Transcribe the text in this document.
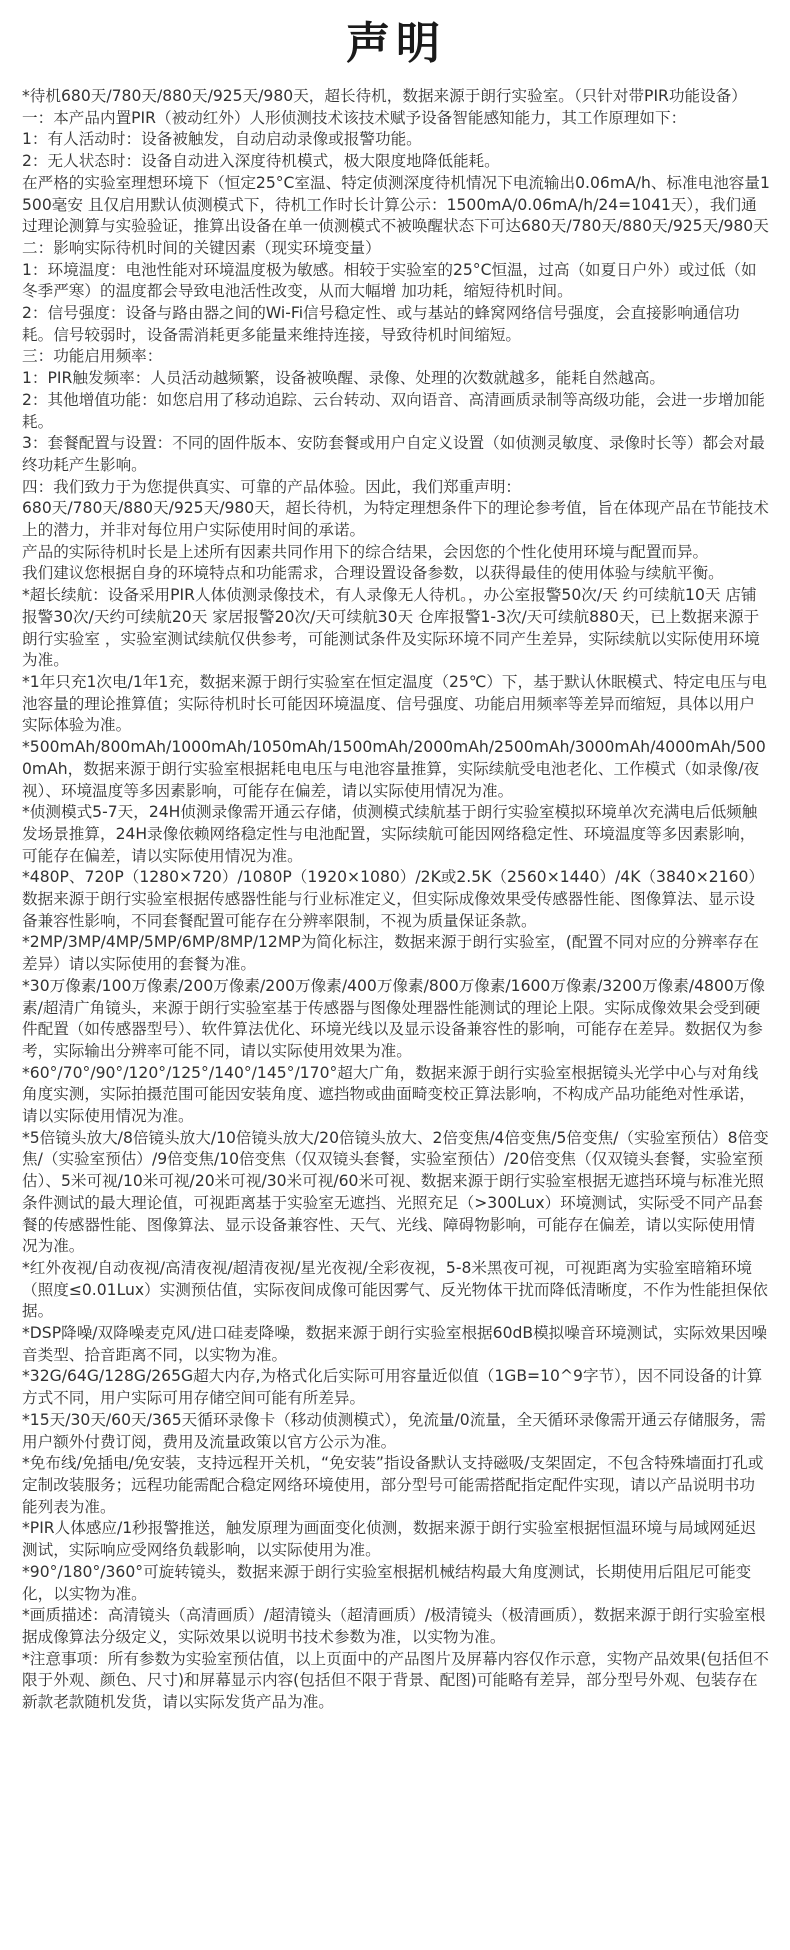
声明

*待机680天/780天/880天/925天/980天，超长待机，数据来源于朗行实验室。（只针对带PIR功能设备）

一：本产品内置PIR（被动红外）人形侦测技术该技术赋予设备智能感知能力，其工作原理如下：

1：有人活动时：设备被触发，自动启动录像或报警功能。

2：无人状态时：设备自动进入深度待机模式，极大限度地降低能耗。

在严格的实验室理想环境下（恒定25°C室温、特定侦测深度待机情况下电流输出0.06mA/h、标准电池容量1500毫安 且仅启用默认侦测模式下，待机工作时长计算公示：1500mA/0.06mA/h/24=1041天），我们通过理论测算与实验验证，推算出设备在单一侦测模式不被唤醒状态下可达680天/780天/880天/925天/980天

二：影响实际待机时间的关键因素（现实环境变量）

1：环境温度：电池性能对环境温度极为敏感。相较于实验室的25°C恒温，过高（如夏日户外）或过低（如冬季严寒）的温度都会导致电池活性改变，从而大幅增 加功耗，缩短待机时间。

2：信号强度：设备与路由器之间的Wi-Fi信号稳定性、或与基站的蜂窝网络信号强度，会直接影响通信功耗。信号较弱时，设备需消耗更多能量来维持连接，导致待机时间缩短。

三：功能启用频率：

1：PIR触发频率：人员活动越频繁，设备被唤醒、录像、处理的次数就越多，能耗自然越高。

2：其他增值功能：如您启用了移动追踪、云台转动、双向语音、高清画质录制等高级功能，会进一步增加能耗。

3：套餐配置与设置：不同的固件版本、安防套餐或用户自定义设置（如侦测灵敏度、录像时长等）都会对最终功耗产生影响。

四：我们致力于为您提供真实、可靠的产品体验。因此，我们郑重声明：

680天/780天/880天/925天/980天，超长待机，为特定理想条件下的理论参考值，旨在体现产品在节能技术上的潜力，并非对每位用户实际使用时间的承诺。

产品的实际待机时长是上述所有因素共同作用下的综合结果，会因您的个性化使用环境与配置而异。

我们建议您根据自身的环境特点和功能需求，合理设置设备参数，以获得最佳的使用体验与续航平衡。

*超长续航：设备采用PIR人体侦测录像技术，有人录像无人待机。，办公室报警50次/天 约可续航10天 店铺报警30次/天约可续航20天 家居报警20次/天可续航30天 仓库报警1-3次/天可续航880天，已上数据来源于朗行实验室 ，实验室测试续航仅供参考，可能测试条件及实际环境不同产生差异，实际续航以实际使用环境为准。

*1年只充1次电/1年1充，数据来源于朗行实验室在恒定温度（25℃）下，基于默认休眠模式、特定电压与电池容量的理论推算值；实际待机时长可能因环境温度、信号强度、功能启用频率等差异而缩短，具体以用户实际体验为准。

*500mAh/800mAh/1000mAh/1050mAh/1500mAh/2000mAh/2500mAh/3000mAh/4000mAh/5000mAh，数据来源于朗行实验室根据耗电电压与电池容量推算，实际续航受电池老化、工作模式（如录像/夜视）、环境温度等多因素影响，可能存在偏差，请以实际使用情况为准。

*侦测模式5-7天，24H侦测录像需开通云存储，侦测模式续航基于朗行实验室模拟环境单次充满电后低频触发场景推算，24H录像依赖网络稳定性与电池配置，实际续航可能因网络稳定性、环境温度等多因素影响，可能存在偏差，请以实际使用情况为准。

*480P、720P（1280×720）/1080P（1920×1080）/2K或2.5K（2560×1440）/4K（3840×2160）数据来源于朗行实验室根据传感器性能与行业标准定义，但实际成像效果受传感器性能、图像算法、显示设备兼容性影响，不同套餐配置可能存在分辨率限制，不视为质量保证条款。

*2MP/3MP/4MP/5MP/6MP/8MP/12MP为简化标注，数据来源于朗行实验室，(配置不同对应的分辨率存在差异）请以实际使用的套餐为准。

*30万像素/100万像素/200万像素/200万像素/400万像素/800万像素/1600万像素/3200万像素/4800万像素/超清广角镜头，来源于朗行实验室基于传感器与图像处理器性能测试的理论上限。实际成像效果会受到硬件配置（如传感器型号）、软件算法优化、环境光线以及显示设备兼容性的影响，可能存在差异。数据仅为参考，实际输出分辨率可能不同，请以实际使用效果为准。

*60°/70°/90°/120°/125°/140°/145°/170°超大广角，数据来源于朗行实验室根据镜头光学中心与对角线角度实测，实际拍摄范围可能因安装角度、遮挡物或曲面畸变校正算法影响，不构成产品功能绝对性承诺，请以实际使用情况为准。

*5倍镜头放大/8倍镜头放大/10倍镜头放大/20倍镜头放大、2倍变焦/4倍变焦/5倍变焦/（实验室预估）8倍变焦/（实验室预估）/9倍变焦/10倍变焦（仅双镜头套餐，实验室预估）/20倍变焦（仅双镜头套餐，实验室预估）、5米可视/10米可视/20米可视/30米可视/60米可视、数据来源于朗行实验室根据无遮挡环境与标准光照条件测试的最大理论值，可视距离基于实验室无遮挡、光照充足（>300Lux）环境测试，实际受不同产品套餐的传感器性能、图像算法、显示设备兼容性、天气、光线、障碍物影响，可能存在偏差，请以实际使用情况为准。

*红外夜视/自动夜视/高清夜视/超清夜视/星光夜视/全彩夜视，5-8米黑夜可视，可视距离为实验室暗箱环境（照度≤0.01Lux）实测预估值，实际夜间成像可能因雾气、反光物体干扰而降低清晰度，不作为性能担保依据。

*DSP降噪/双降噪麦克风/进口硅麦降噪，数据来源于朗行实验室根据60dB模拟噪音环境测试，实际效果因噪音类型、拾音距离不同，以实物为准。

*32G/64G/128G/265G超大内存,为格式化后实际可用容量近似值（1GB=10^9字节），因不同设备的计算方式不同，用户实际可用存储空间可能有所差异。

*15天/30天/60天/365天循环录像卡（移动侦测模式），免流量/0流量，全天循环录像需开通云存储服务，需用户额外付费订阅，费用及流量政策以官方公示为准。

*免布线/免插电/免安装，支持远程开关机，“免安装”指设备默认支持磁吸/支架固定，不包含特殊墙面打孔或定制改装服务；远程功能需配合稳定网络环境使用，部分型号可能需搭配指定配件实现，请以产品说明书功能列表为准。

*PIR人体感应/1秒报警推送，触发原理为画面变化侦测，数据来源于朗行实验室根据恒温环境与局域网延迟测试，实际响应受网络负载影响，以实际使用为准。

*90°/180°/360°可旋转镜头，数据来源于朗行实验室根据机械结构最大角度测试，长期使用后阻尼可能变化，以实物为准。

*画质描述：高清镜头（高清画质）/超清镜头（超清画质）/极清镜头（极清画质），数据来源于朗行实验室根据成像算法分级定义，实际效果以说明书技术参数为准，以实物为准。

*注意事项：所有参数为实验室预估值，以上页面中的产品图片及屏幕内容仅作示意，实物产品效果(包括但不限于外观、颜色、尺寸)和屏幕显示内容(包括但不限于背景、配图)可能略有差异，部分型号外观、包装存在新款老款随机发货，请以实际发货产品为准。
